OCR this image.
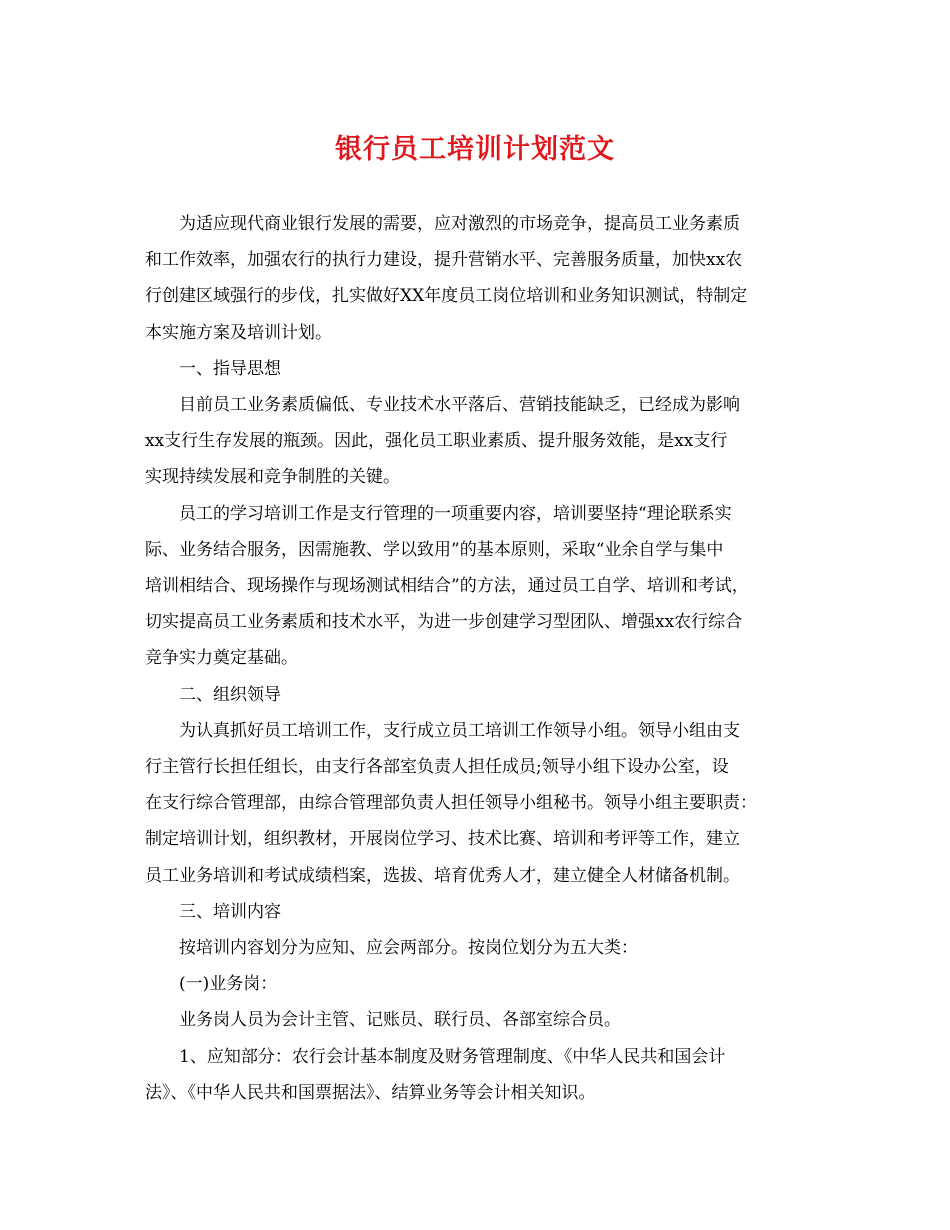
银行员工培训计划范文
为适应现代商业银行发展的需要，应对激烈的市场竞争，提高员工业务素质
和工作效率，加强农行的执行力建设，提升营销水平、完善服务质量，加快xx农
行创建区域强行的步伐，扎实做好XX年度员工岗位培训和业务知识测试，特制定
本实施方案及培训计划。
一、指导思想
目前员工业务素质偏低、专业技术水平落后、营销技能缺乏，已经成为影响
xx支行生存发展的瓶颈。因此，强化员工职业素质、提升服务效能，是xx支行
实现持续发展和竞争制胜的关键。
员工的学习培训工作是支行管理的一项重要内容，培训要坚持“理论联系实
际、业务结合服务，因需施教、学以致用”的基本原则，采取“业余自学与集中
培训相结合、现场操作与现场测试相结合”的方法，通过员工自学、培训和考试，
切实提高员工业务素质和技术水平，为进一步创建学习型团队、增强xx农行综合
竞争实力奠定基础。
二、组织领导
为认真抓好员工培训工作，支行成立员工培训工作领导小组。领导小组由支
行主管行长担任组长，由支行各部室负责人担任成员;领导小组下设办公室，设
在支行综合管理部，由综合管理部负责人担任领导小组秘书。领导小组主要职责：
制定培训计划，组织教材，开展岗位学习、技术比赛、培训和考评等工作，建立
员工业务培训和考试成绩档案，选拔、培育优秀人才，建立健全人材储备机制。
三、培训内容
按培训内容划分为应知、应会两部分。按岗位划分为五大类：
(一)业务岗：
业务岗人员为会计主管、记账员、联行员、各部室综合员。
1、应知部分：农行会计基本制度及财务管理制度、《中华人民共和国会计
法》、《中华人民共和国票据法》、结算业务等会计相关知识。
